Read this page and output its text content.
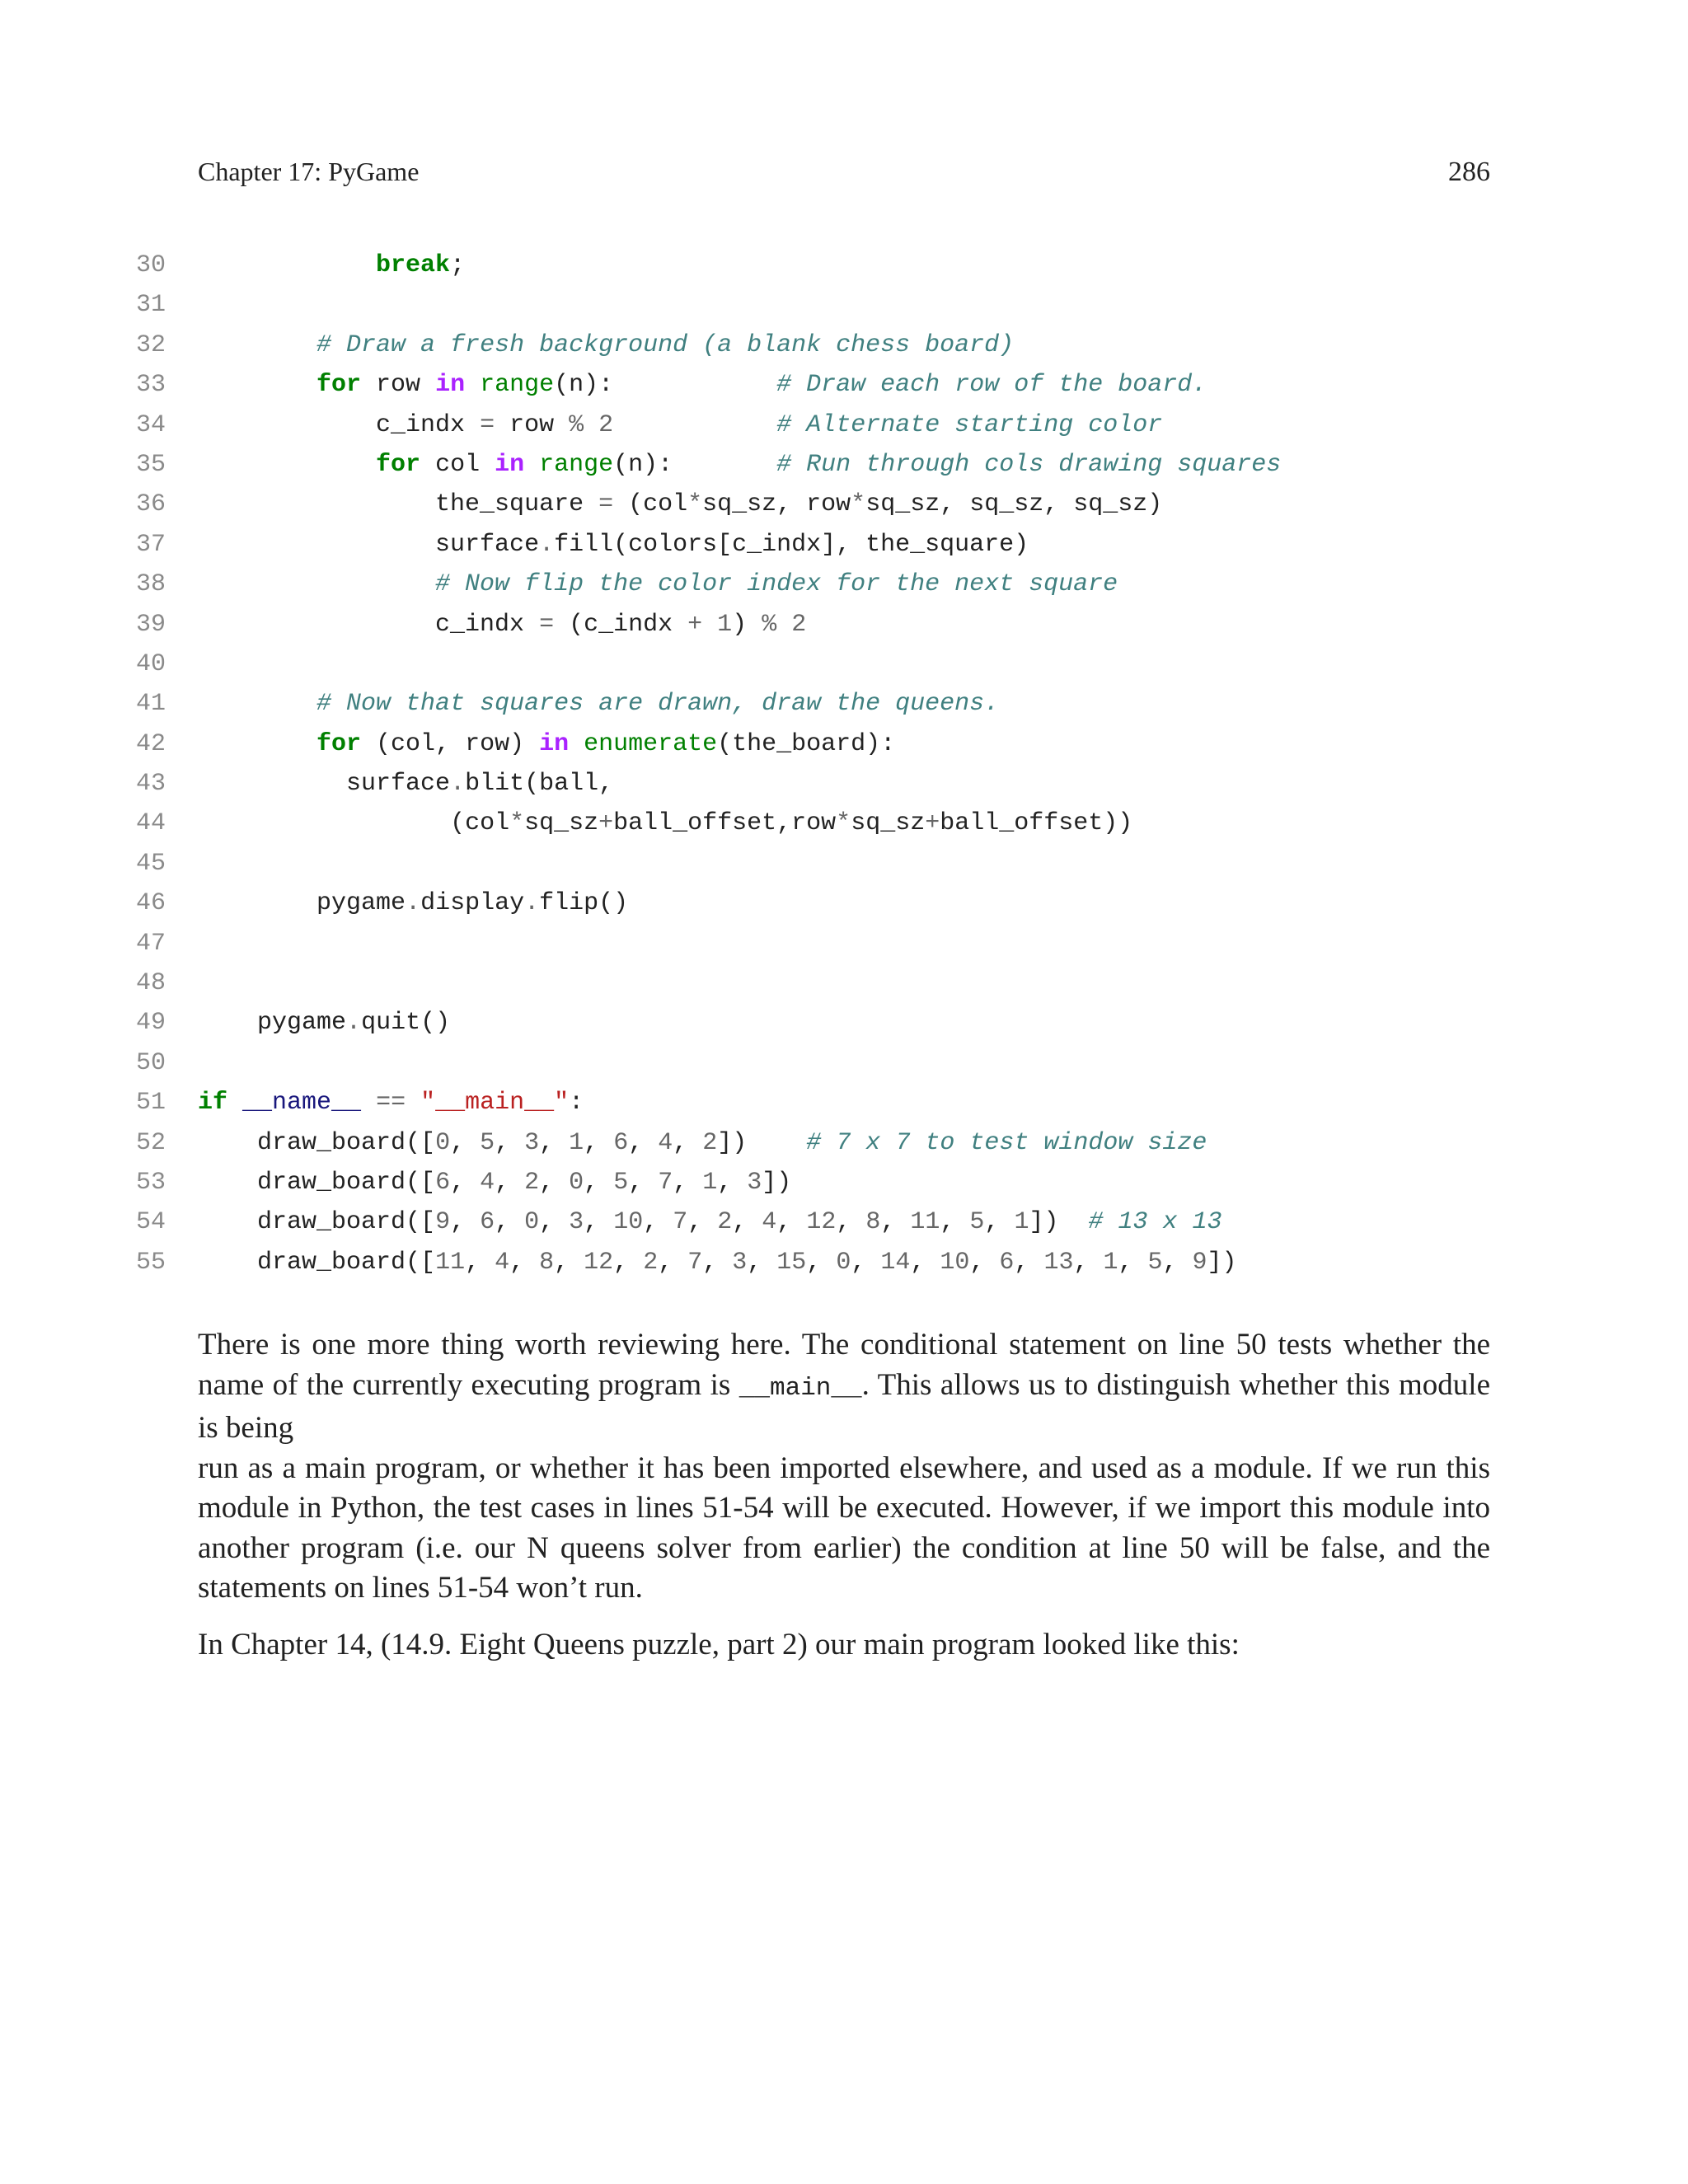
Chapter 17: PyGame	286
30	break;
31
32	# Draw a fresh background (a blank chess board)
33	for row in range(n):           # Draw each row of the board.
34	c_indx = row % 2	# Alternate starting color
35	for col in range(n):       # Run through cols drawing squares
36	the_square = (col*sq_sz, row*sq_sz, sq_sz, sq_sz)
37	surface.fill(colors[c_indx], the_square)
38	# Now flip the color index for the next square
39	c_indx = (c_indx + 1) % 2
40
41	# Now that squares are drawn, draw the queens.
42	for (col, row) in enumerate(the_board):
43	surface.blit(ball,
44	(col*sq_sz+ball_offset,row*sq_sz+ball_offset))
45
46	pygame.display.flip()
47
48
49	pygame.quit()
50
51 if __name__ == "__main__":
52	draw_board([0, 5, 3, 1, 6, 4, 2])    # 7 x 7 to test window size
53	draw_board([6, 4, 2, 0, 5, 7, 1, 3])
54	draw_board([9, 6, 0, 3, 10, 7, 2, 4, 12, 8, 11, 5, 1])  # 13 x 13
55	draw_board([11, 4, 8, 12, 2, 7, 3, 15, 0, 14, 10, 6, 13, 1, 5, 9])

There is one more thing worth reviewing here. The conditional statement on line 50 tests whether the name of the currently executing program is __main__. This allows us to distinguish whether this module is being
run as a main program, or whether it has been imported elsewhere, and used as a module. If we run this module in Python, the test cases in lines 51-54 will be executed. However, if we import this module into another program (i.e. our N queens solver from earlier) the condition at line 50 will be false, and the statements on lines 51-54 won’t run.

In Chapter 14, (14.9. Eight Queens puzzle, part 2) our main program looked like this:
